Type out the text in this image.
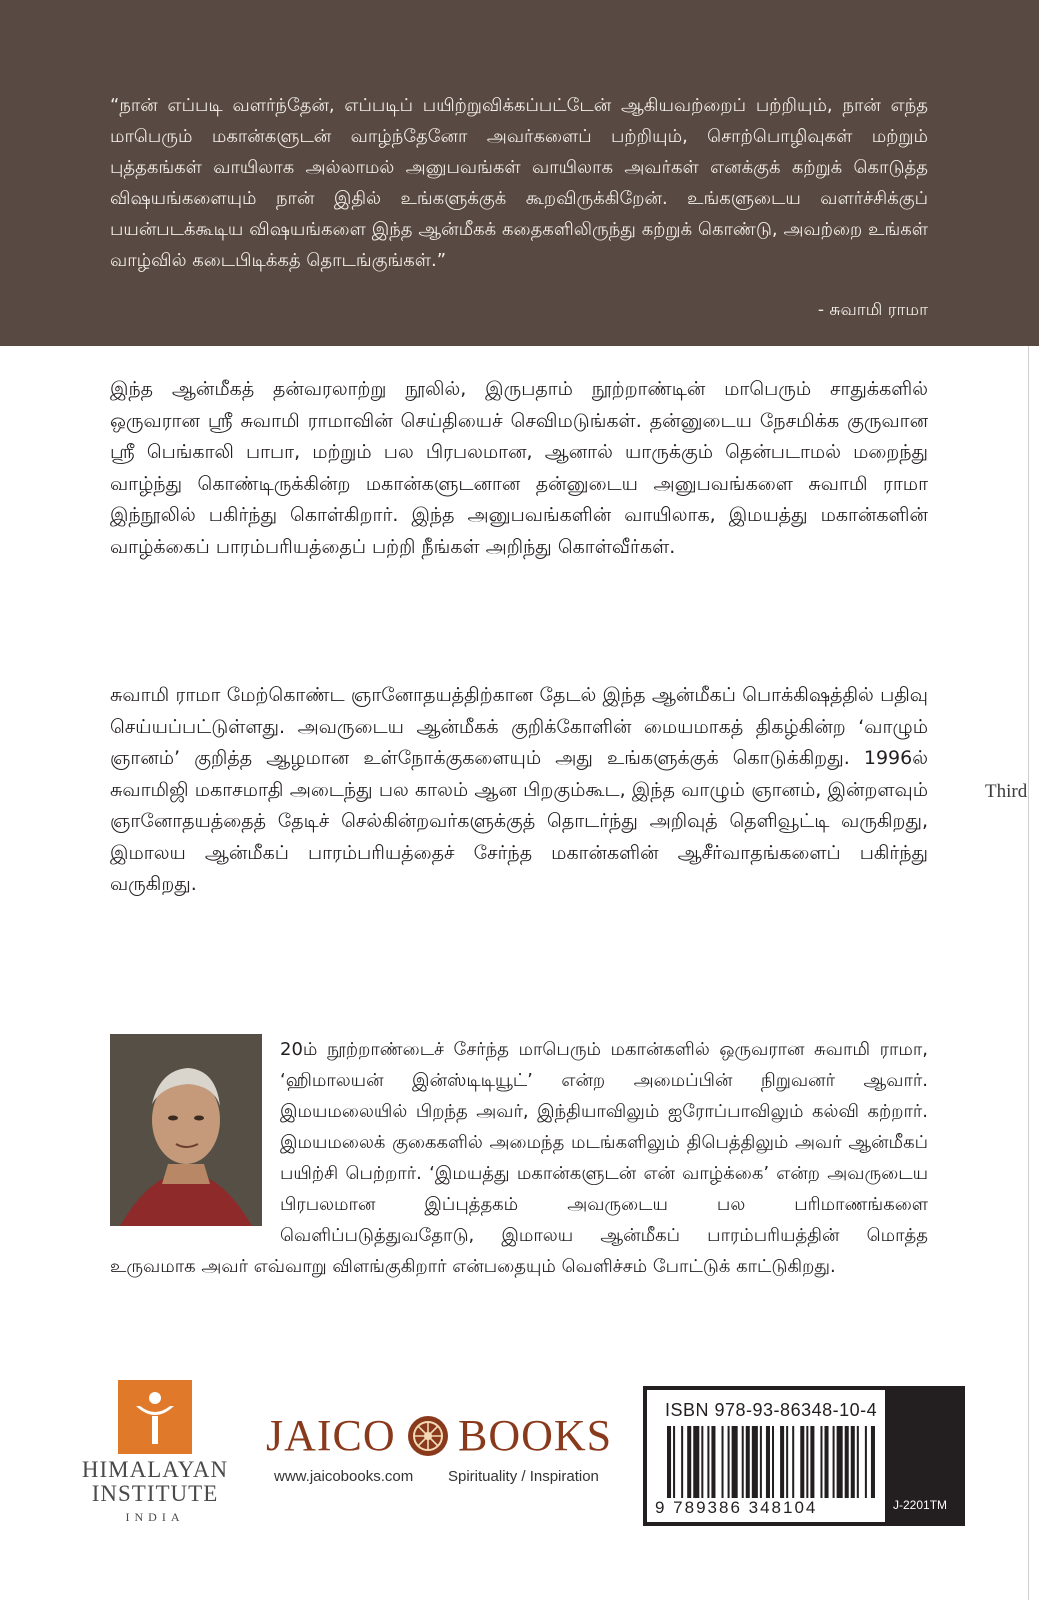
“நான் எப்படி வளர்ந்தேன், எப்படிப் பயிற்றுவிக்கப்பட்டேன் ஆகியவற்றைப் பற்றியும், நான் எந்த மாபெரும் மகான்களுடன் வாழ்ந்தேனோ அவர்களைப் பற்றியும், சொற்பொழிவுகள் மற்றும் புத்தகங்கள் வாயிலாக அல்லாமல் அனுபவங்கள் வாயிலாக அவர்கள் எனக்குக் கற்றுக் கொடுத்த விஷயங்களையும் நான் இதில் உங்களுக்குக் கூறவிருக்கிறேன். உங்களுடைய வளர்ச்சிக்குப் பயன்படக்கூடிய விஷயங்களை இந்த ஆன்மீகக் கதைகளிலிருந்து கற்றுக் கொண்டு, அவற்றை உங்கள் வாழ்வில் கடைபிடிக்கத் தொடங்குங்கள்.”

- சுவாமி ராமா

இந்த ஆன்மீகத் தன்வரலாற்று நூலில், இருபதாம் நூற்றாண்டின் மாபெரும் சாதுக்களில் ஒருவரான ஸ்ரீ சுவாமி ராமாவின் செய்தியைச் செவிமடுங்கள். தன்னுடைய நேசமிக்க குருவான ஸ்ரீ பெங்காலி பாபா, மற்றும் பல பிரபலமான, ஆனால் யாருக்கும் தென்படாமல் மறைந்து வாழ்ந்து கொண்டிருக்கின்ற மகான்களுடனான தன்னுடைய அனுபவங்களை சுவாமி ராமா இந்நூலில் பகிர்ந்து கொள்கிறார். இந்த அனுபவங்களின் வாயிலாக, இமயத்து மகான்களின் வாழ்க்கைப் பாரம்பரியத்தைப் பற்றி நீங்கள் அறிந்து கொள்வீர்கள்.

சுவாமி ராமா மேற்கொண்ட ஞானோதயத்திற்கான தேடல் இந்த ஆன்மீகப் பொக்கிஷத்தில் பதிவு செய்யப்பட்டுள்ளது. அவருடைய ஆன்மீகக் குறிக்கோளின் மையமாகத் திகழ்கின்ற ‘வாழும் ஞானம்’ குறித்த ஆழமான உள்நோக்குகளையும் அது உங்களுக்குக் கொடுக்கிறது. 1996ல் சுவாமிஜி மகாசமாதி அடைந்து பல காலம் ஆன பிறகும்கூட, இந்த வாழும் ஞானம், இன்றளவும் ஞானோதயத்தைத் தேடிச் செல்கின்றவர்களுக்குத் தொடர்ந்து அறிவுத் தெளிவூட்டி வருகிறது, இமாலய ஆன்மீகப் பாரம்பரியத்தைச் சேர்ந்த மகான்களின் ஆசீர்வாதங்களைப் பகிர்ந்து வருகிறது.

Third

20ம் நூற்றாண்டைச் சேர்ந்த மாபெரும் மகான்களில் ஒருவரான சுவாமி ராமா, ‘ஹிமாலயன் இன்ஸ்டிடியூட்’ என்ற அமைப்பின் நிறுவனர் ஆவார். இமயமலையில் பிறந்த அவர், இந்தியாவிலும் ஐரோப்பாவிலும் கல்வி கற்றார். இமயமலைக் குகைகளில் அமைந்த மடங்களிலும் திபெத்திலும் அவர் ஆன்மீகப் பயிற்சி பெற்றார். ‘இமயத்து மகான்களுடன் என் வாழ்க்கை’ என்ற அவருடைய பிரபலமான இப்புத்தகம் அவருடைய பல பரிமாணங்களை வெளிப்படுத்துவதோடு, இமாலய ஆன்மீகப் பாரம்பரியத்தின் மொத்த உருவமாக அவர் எவ்வாறு விளங்குகிறார் என்பதையும் வெளிச்சம் போட்டுக் காட்டுகிறது.

HIMALAYAN
INSTITUTE
INDIA
JAICO BOOKS
www.jaicobooks.com Spirituality / Inspiration
ISBN 978-93-86348-10-4
9 789386 348104	J-2201TM
